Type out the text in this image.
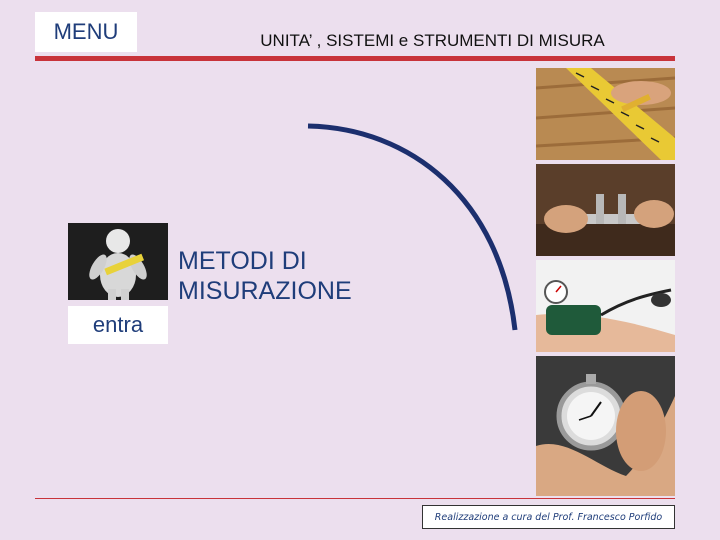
MENU	UNITA’ , SISTEMI e STRUMENTI DI MISURA
entra
METODI DI
MISURAZIONE
Realizzazione a cura del Prof. Francesco Porfido
